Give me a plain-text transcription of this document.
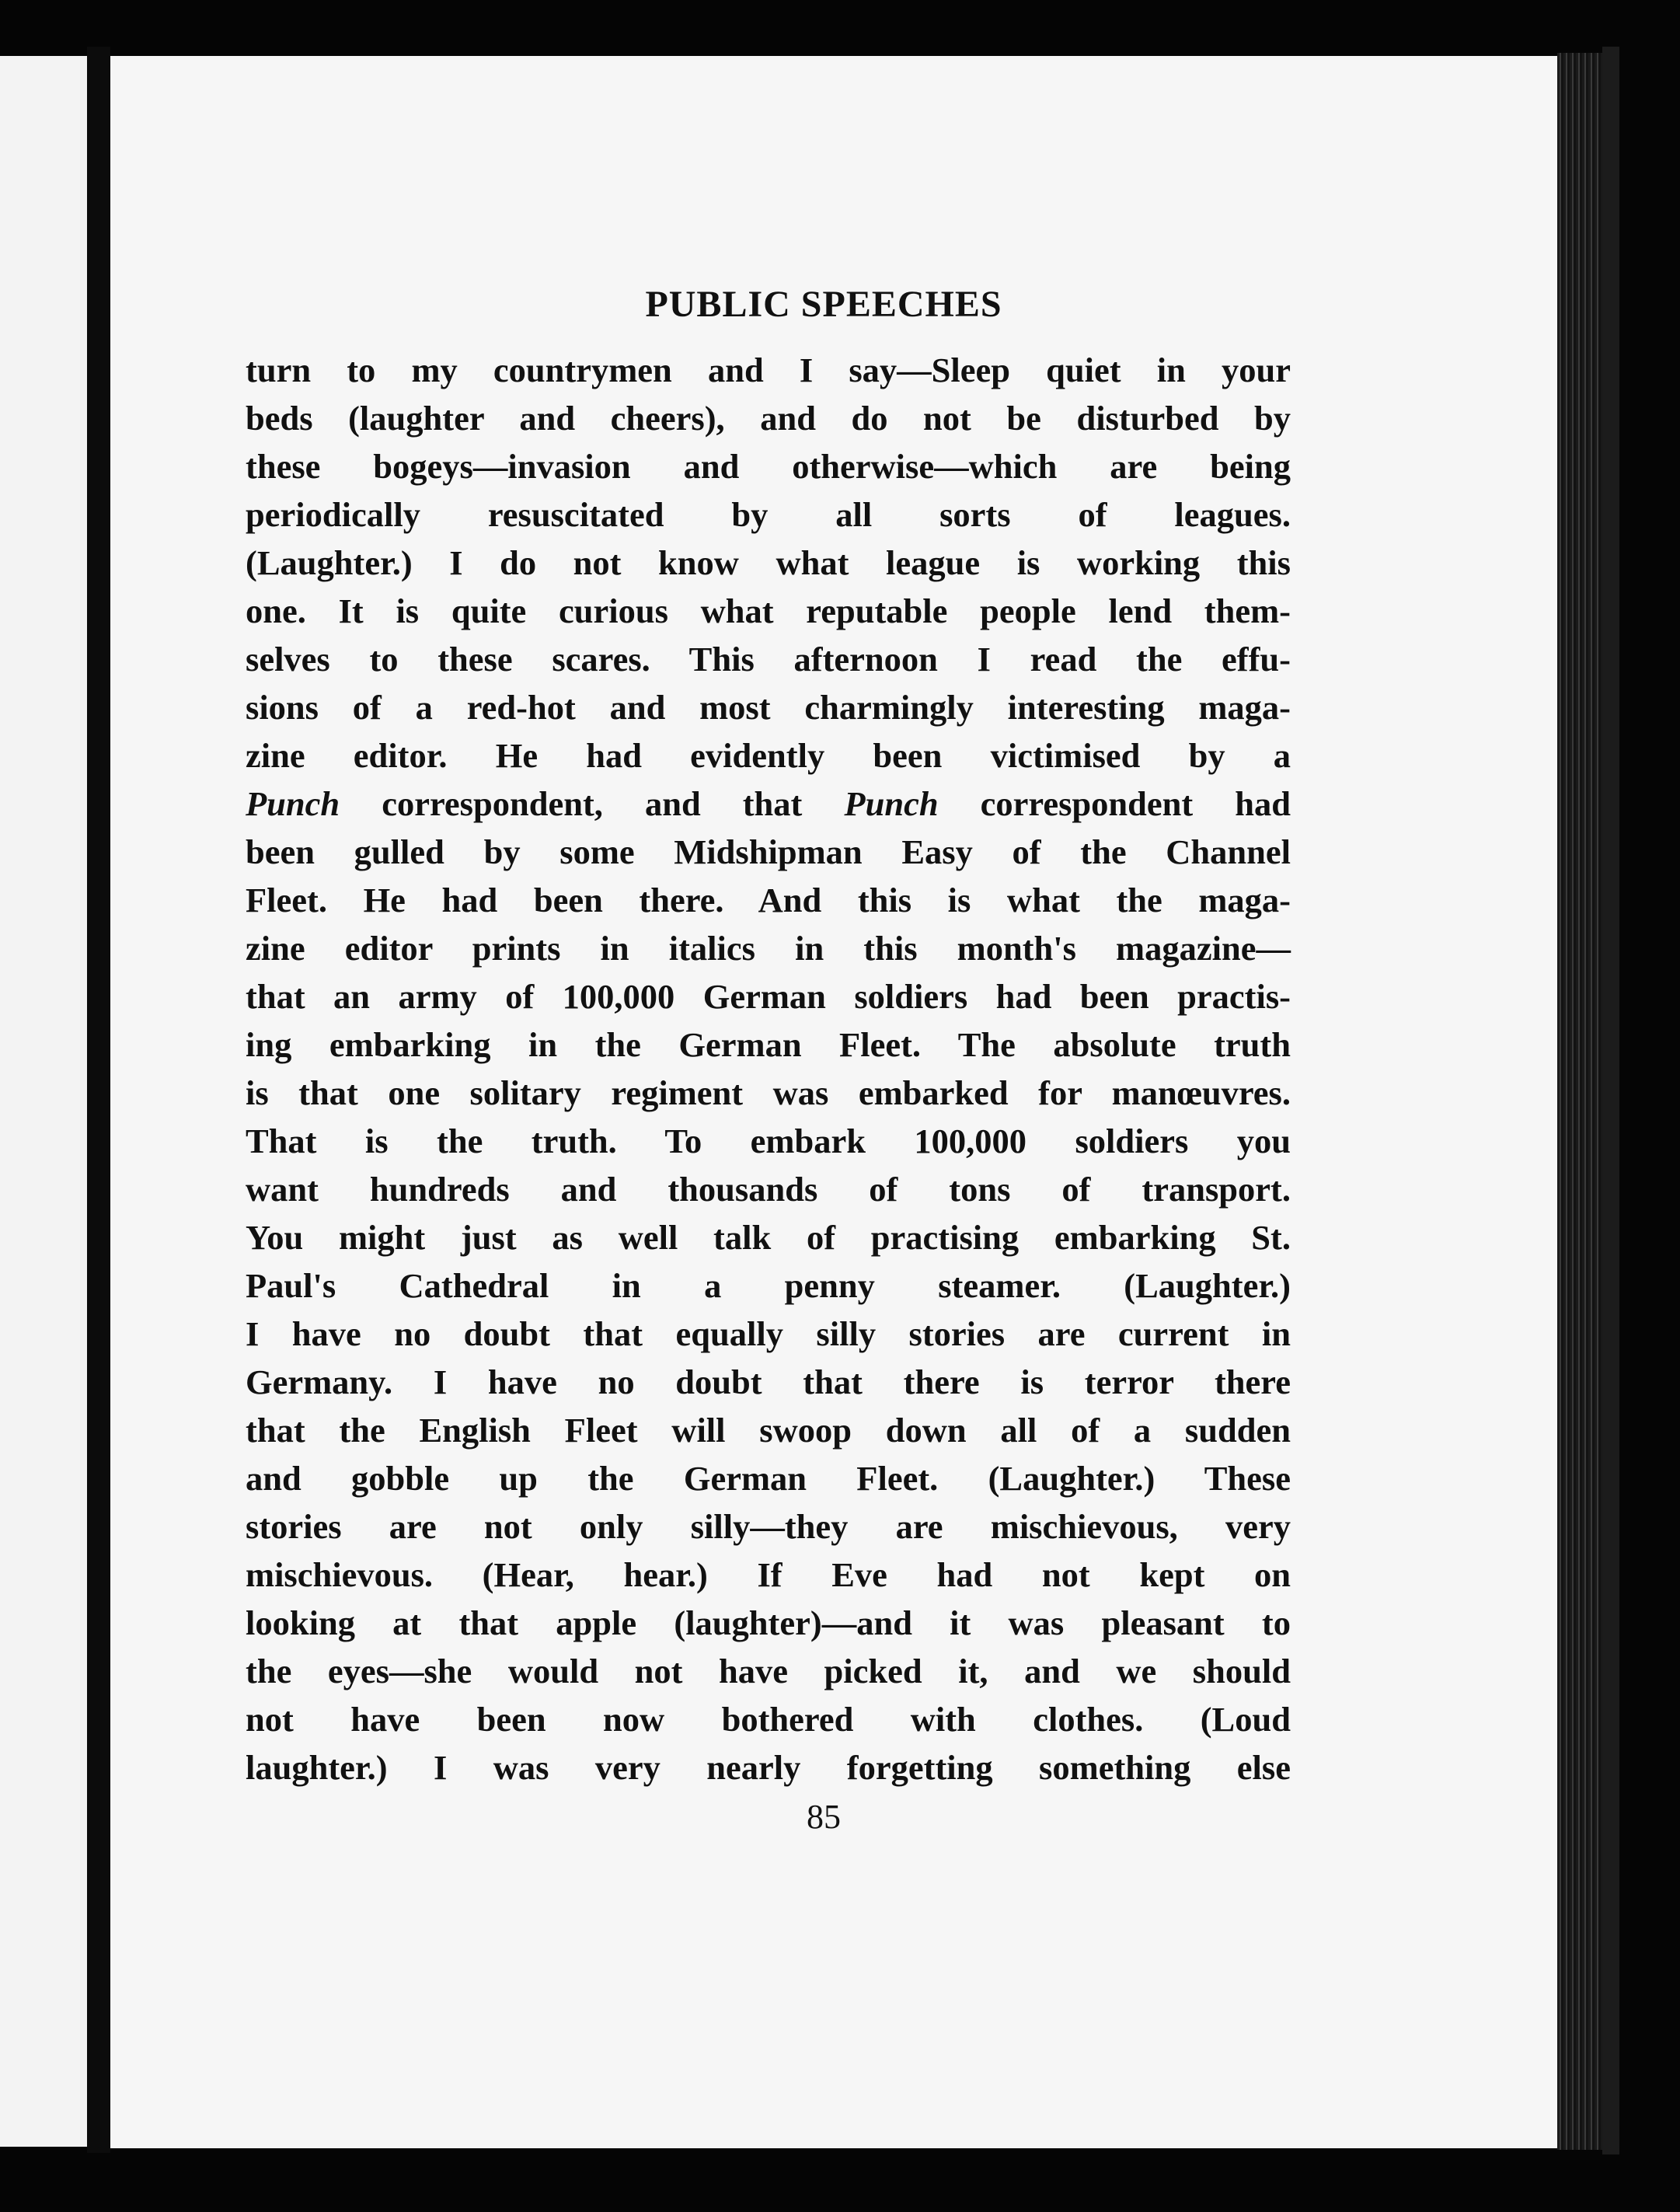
PUBLIC SPEECHES
turn to my countrymen and I say—Sleep quiet in your
beds (laughter and cheers), and do not be disturbed by
these bogeys—invasion and otherwise—which are being
periodically resuscitated by all sorts of leagues.
(Laughter.) I do not know what league is working this
one. It is quite curious what reputable people lend them-
selves to these scares. This afternoon I read the effu-
sions of a red-hot and most charmingly interesting maga-
zine editor. He had evidently been victimised by a
Punch correspondent, and that Punch correspondent had
been gulled by some Midshipman Easy of the Channel
Fleet. He had been there. And this is what the maga-
zine editor prints in italics in this month's magazine—
that an army of 100,000 German soldiers had been practis-
ing embarking in the German Fleet. The absolute truth
is that one solitary regiment was embarked for manœuvres.
That is the truth. To embark 100,000 soldiers you
want hundreds and thousands of tons of transport.
You might just as well talk of practising embarking St.
Paul's Cathedral in a penny steamer. (Laughter.)
I have no doubt that equally silly stories are current in
Germany. I have no doubt that there is terror there
that the English Fleet will swoop down all of a sudden
and gobble up the German Fleet. (Laughter.) These
stories are not only silly—they are mischievous, very
mischievous. (Hear, hear.) If Eve had not kept on
looking at that apple (laughter)—and it was pleasant to
the eyes—she would not have picked it, and we should
not have been now bothered with clothes. (Loud
laughter.) I was very nearly forgetting something else
85
